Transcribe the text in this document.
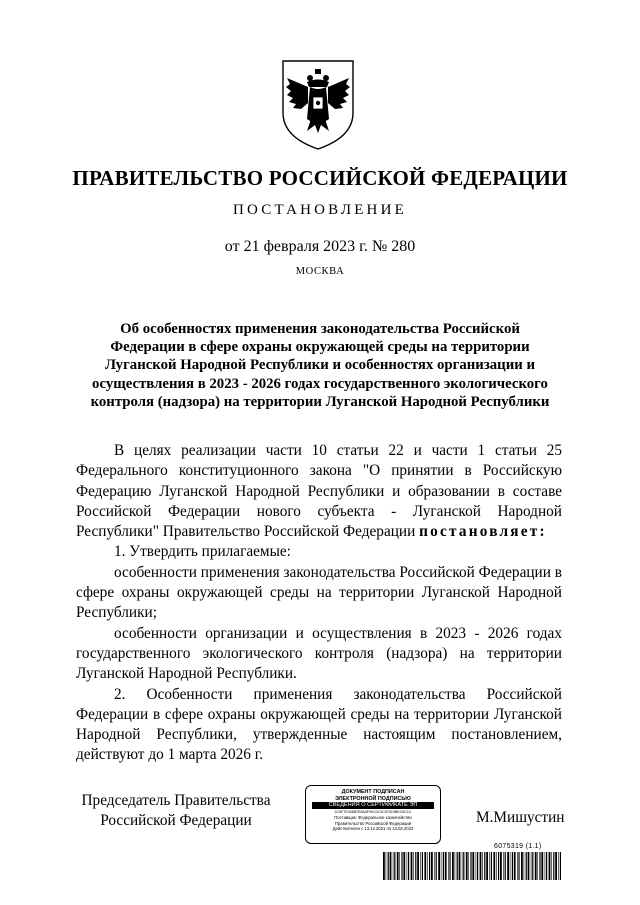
ПРАВИТЕЛЬСТВО РОССИЙСКОЙ ФЕДЕРАЦИИ
ПОСТАНОВЛЕНИЕ
от 21 февраля 2023 г. № 280
МОСКВА
Об особенностях применения законодательства Российской Федерации в сфере охраны окружающей среды на территории Луганской Народной Республики и особенностях организации и осуществления в 2023 - 2026 годах государственного экологического контроля (надзора) на территории Луганской Народной Республики

В целях реализации части 10 статьи 22 и части 1 статьи 25 Федерального конституционного закона "О принятии в Российскую Федерацию Луганской Народной Республики и образовании в составе Российской Федерации нового субъекта - Луганской Народной Республики" Правительство Российской Федерации постановляет:

1. Утвердить прилагаемые:

особенности применения законодательства Российской Федерации в сфере охраны окружающей среды на территории Луганской Народной Республики;

особенности организации и осуществления в 2023 - 2026 годах государственного экологического контроля (надзора) на территории Луганской Народной Республики.

2. Особенности применения законодательства Российской Федерации в сфере охраны окружающей среды на территории Луганской Народной Республики, утвержденные настоящим постановлением, действуют до 1 марта 2026 г.

Председатель Правительства
Российской Федерации
ДОКУМЕНТ ПОДПИСАН
ЭЛЕКТРОННОЙ ПОДПИСЬЮ
СВЕДЕНИЯ О СЕРТИФИКАТЕ ЭП
2C5F7E306B7E8A4F90C0C4C57519BEC5C1C
Поставщик: Федеральное казначейство
Правительство Российской Федерации
Действителен с 13.12.2021 по 13.03.2023
М.Мишустин
6075319 (1.1)
